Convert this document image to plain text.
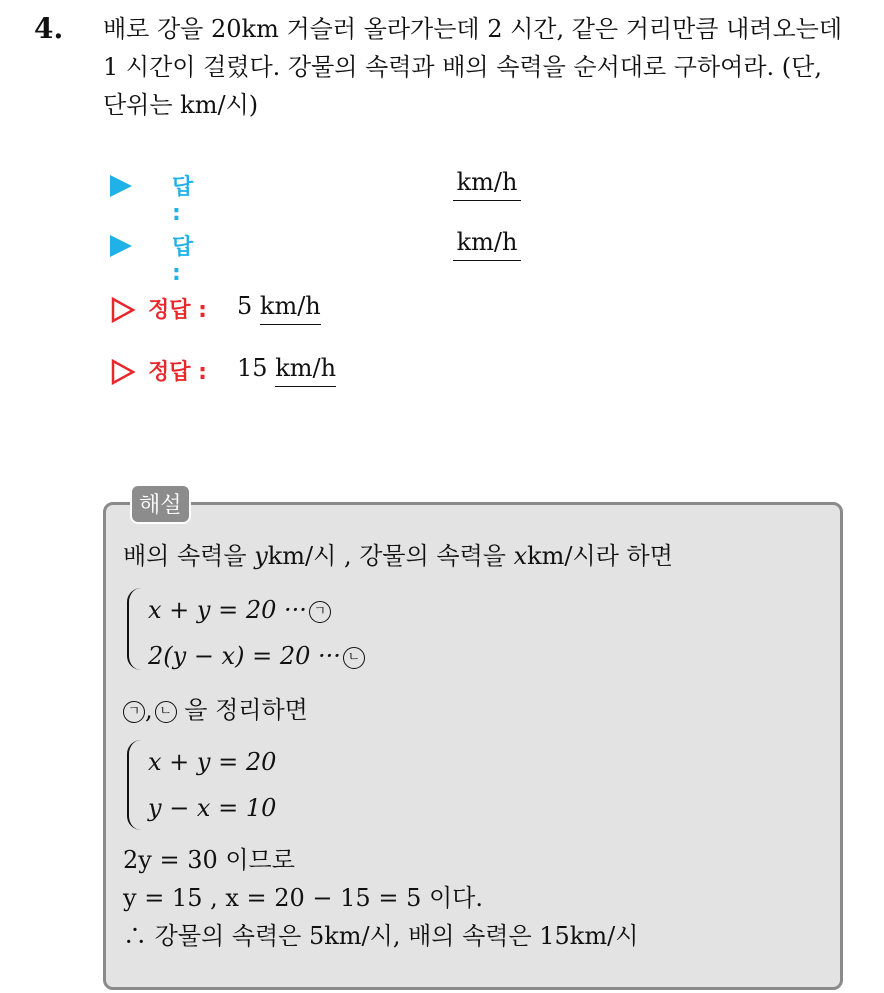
4. 배로 강을 20km 거슬러 올라가는데 2 시간, 같은 거리만큼 내려오는데
1 시간이 걸렸다. 강물의 속력과 배의 속력을 순서대로 구하여라. (단,
단위는 km/시)
답 :
km/h
답 :
km/h
정답 : 5 km/h
정답 : 15 km/h
해설
배의 속력을 ykm/시 , 강물의 속력을 xkm/시라 하면
x + y = 20 ··· ㄱ
2(y − x) = 20 ··· ㄴ
ㄱ , ㄴ 을 정리하면
x + y = 20
y − x = 10
2y = 30 이므로
y = 15 , x = 20 − 15 = 5 이다.
∴ 강물의 속력은 5km/시, 배의 속력은 15km/시
